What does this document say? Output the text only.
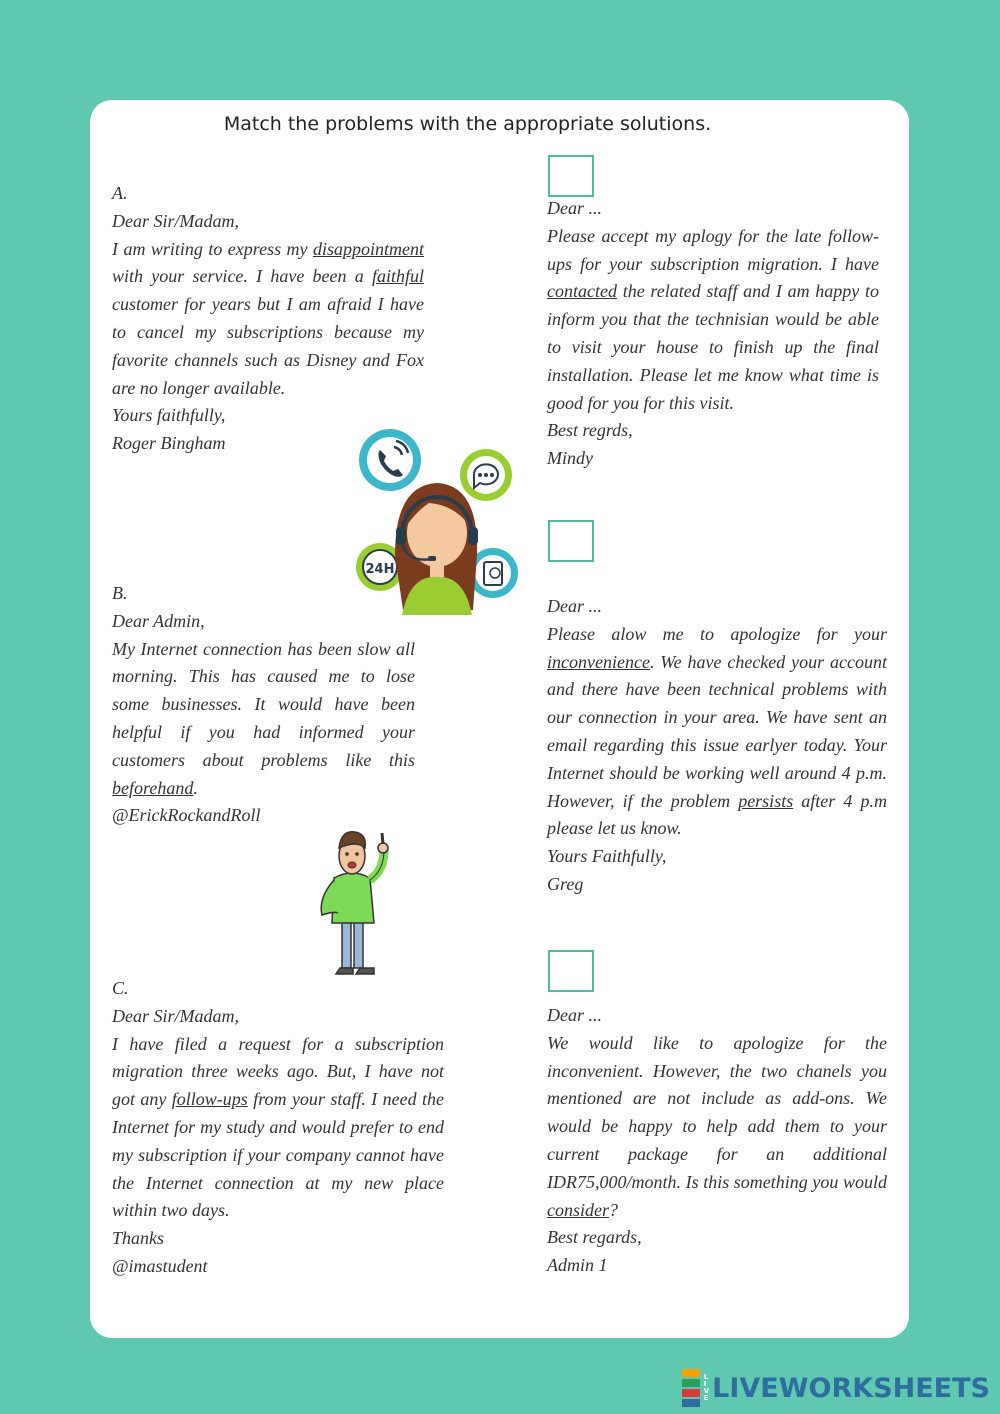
Match the problems with the appropriate solutions.

A.

Dear Sir/Madam,

I am writing to express my disappointment with your service. I have been a faithful customer for years but I am afraid I have to cancel my subscriptions because my favorite channels such as Disney and Fox are no longer available.

Yours faithfully,

Roger Bingham

B.

Dear Admin,

My Internet connection has been slow all morning. This has caused me to lose some businesses. It would have been helpful if you had informed your customers about problems like this beforehand.

@ErickRockandRoll

C.

Dear Sir/Madam,

I have filed a request for a subscription migration three weeks ago. But, I have not got any follow-ups from your staff. I need the Internet for my study and would prefer to end my subscription if your company cannot have the Internet connection at my new place within two days.

Thanks

@imastudent

Dear ...

Please accept my aplogy for the late follow-ups for your subscription migration. I have contacted the related staff and I am happy to inform you that the technisian would be able to visit your house to finish up the final installation. Please let me know what time is good for you for this visit.

Best regrds,

Mindy

Dear ...

Please alow me to apologize for your inconvenience. We have checked your account and there have been technical problems with our connection in your area. We have sent an email regarding this issue earlyer today. Your Internet should be working well around 4 p.m. However, if the problem persists after 4 p.m please let us know.

Yours Faithfully,

Greg

Dear ...

We would like to apologize for the inconvenient. However, the two chanels you mentioned are not include as add-ons. We would be happy to help add them to your current package for an additional IDR75,000/month. Is this something you would consider?

Best regards,

Admin 1

24H
L
I
V
E LIVEWORKSHEETS
